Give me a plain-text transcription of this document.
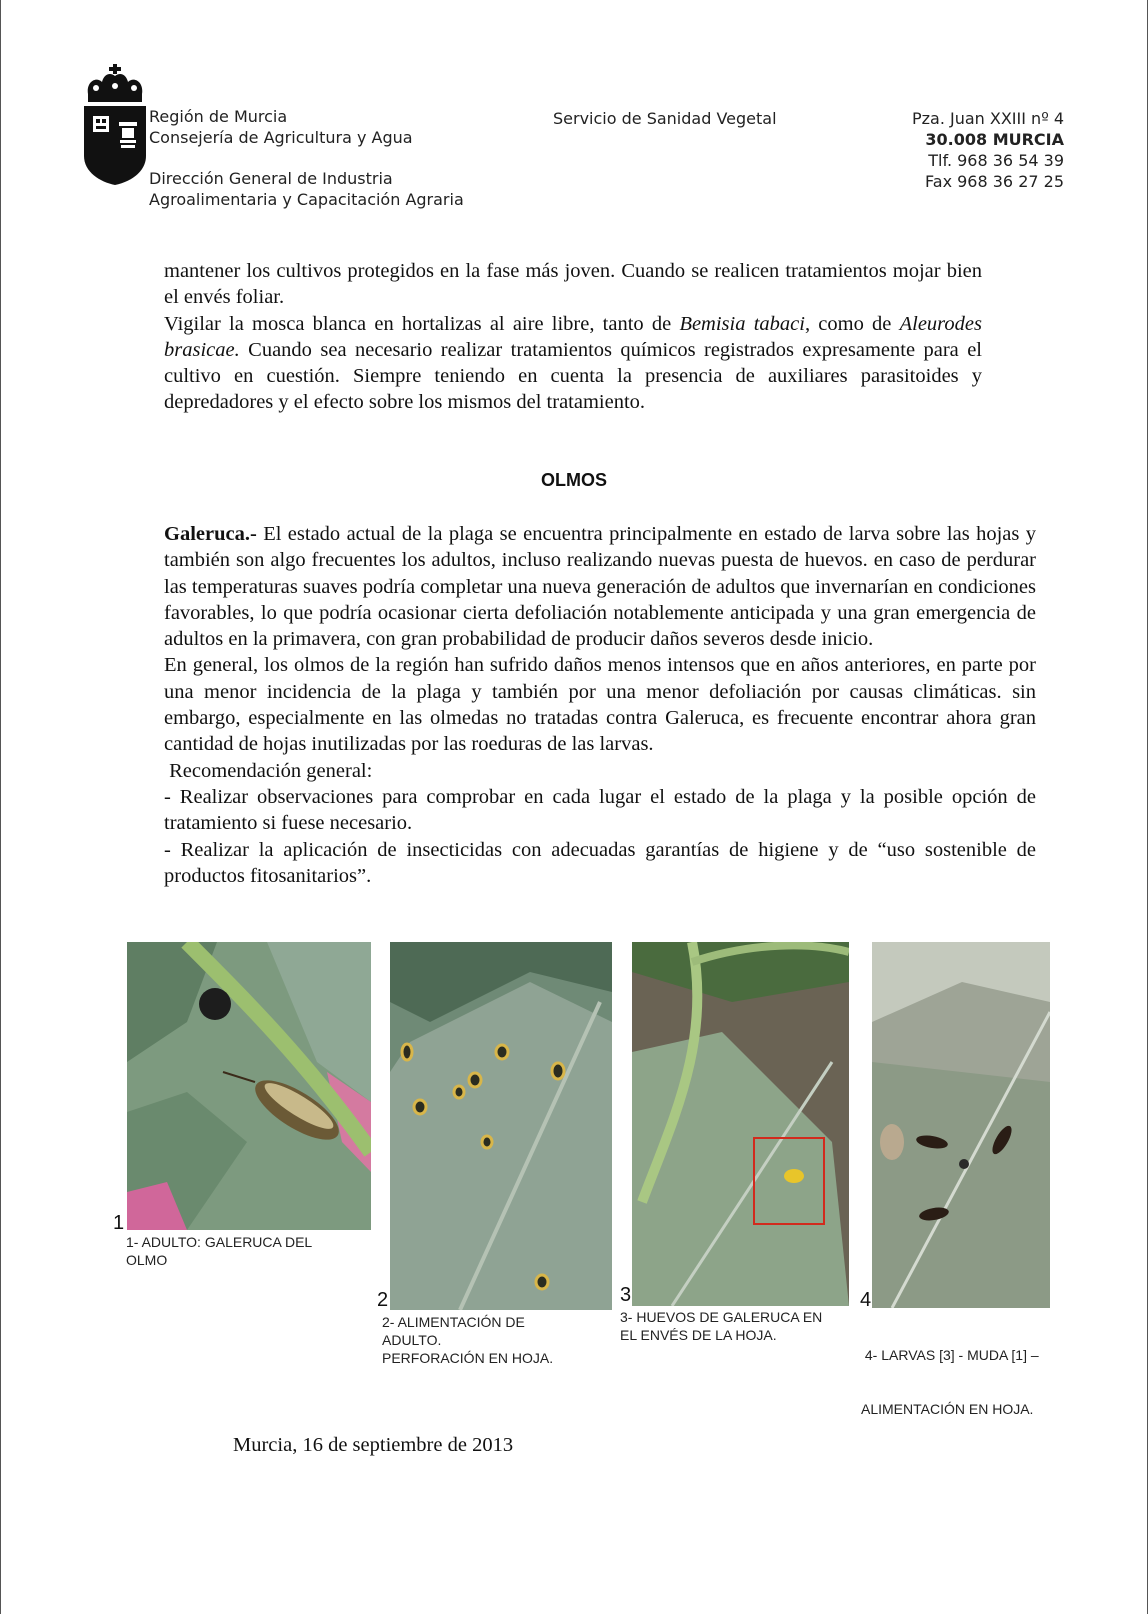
Región de Murcia
Consejería de Agricultura y Agua
Dirección General de Industria
Agroalimentaria y Capacitación Agraria
Servicio de Sanidad Vegetal	Pza. Juan XXIII nº 4
30.008 MURCIA
Tlf. 968 36 54 39
Fax 968 36 27 25

mantener los cultivos protegidos en la fase más joven. Cuando se realicen tratamientos mojar bien el envés foliar.

Vigilar la mosca blanca en hortalizas al aire libre, tanto de Bemisia tabaci, como de Aleurodes brasicae. Cuando sea necesario realizar tratamientos químicos registrados expresamente para el cultivo en cuestión. Siempre teniendo en cuenta la presencia de auxiliares parasitoides y depredadores y el efecto sobre los mismos del tratamiento.

OLMOS

Galeruca.- El estado actual de la plaga se encuentra principalmente en estado de larva sobre las hojas y también son algo frecuentes los adultos, incluso realizando nuevas puesta de huevos. en caso de perdurar las temperaturas suaves podría completar una nueva generación de adultos que invernarían en condiciones favorables, lo que podría ocasionar cierta defoliación notablemente anticipada y una gran emergencia de adultos en la primavera, con gran probabilidad de producir daños severos desde inicio.

En general, los olmos de la región han sufrido daños menos intensos que en años anteriores, en parte por una menor incidencia de la plaga y también por una menor defoliación por causas climáticas. sin embargo, especialmente en las olmedas no tratadas contra Galeruca, es frecuente encontrar ahora gran cantidad de hojas inutilizadas por las roeduras de las larvas.

Recomendación general:

- Realizar observaciones para comprobar en cada lugar el estado de la plaga y la posible opción de tratamiento si fuese necesario.

- Realizar la aplicación de insecticidas con adecuadas garantías de higiene y de “uso sostenible de productos fitosanitarios”.

1
1- ADULTO: GALERUCA DEL
OLMO
2
2- ALIMENTACIÓN DE
ADULTO.
PERFORACIÓN EN HOJA.
3
3- HUEVOS DE GALERUCA EN
EL ENVÉS DE LA HOJA.
4

4- LARVAS [3] - MUDA [1] –

ALIMENTACIÓN EN HOJA.

Murcia, 16 de septiembre de 2013
